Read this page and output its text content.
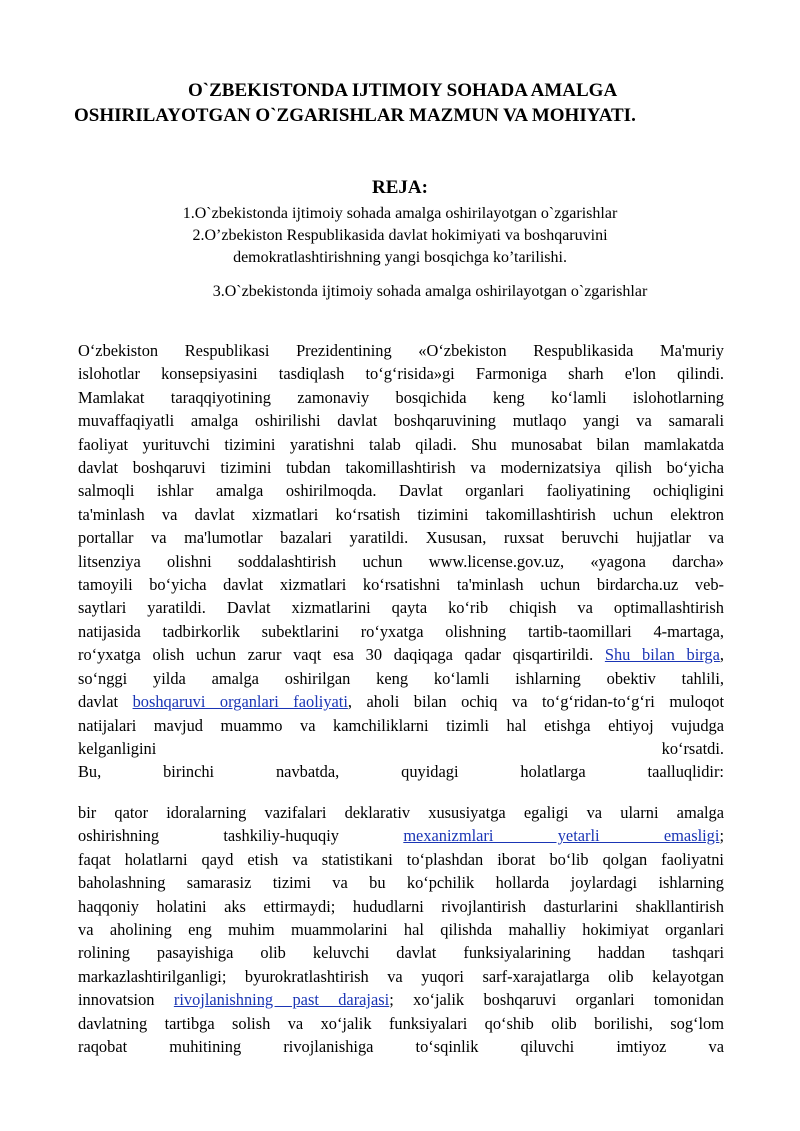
O`ZBEKISTONDA IJTIMOIY SOHADA AMALGA
OSHIRILAYOTGAN O`ZGARISHLAR MAZMUN VA MOHIYATI.
REJA:
1.O`zbekistonda ijtimoiy sohada amalga oshirilayotgan o`zgarishlar
2.O’zbekiston Respublikasida davlat hokimiyati va boshqaruvini
demokratlashtirishning yangi bosqichga ko’tarilishi.
3.O`zbekistonda ijtimoiy sohada amalga oshirilayotgan o`zgarishlar
O‘zbekiston Respublikasi Prezidentining «O‘zbekiston Respublikasida Ma'muriy
islohotlar konsepsiyasini tasdiqlash to‘g‘risida»gi Farmoniga sharh e'lon qilindi.
Mamlakat taraqqiyotining zamonaviy bosqichida keng ko‘lamli islohotlarning
muvaffaqiyatli amalga oshirilishi davlat boshqaruvining mutlaqo yangi va samarali
faoliyat yurituvchi tizimini yaratishni talab qiladi. Shu munosabat bilan mamlakatda
davlat boshqaruvi tizimini tubdan takomillashtirish va modernizatsiya qilish bo‘yicha
salmoqli ishlar amalga oshirilmoqda. Davlat organlari faoliyatining ochiqligini
ta'minlash va davlat xizmatlari ko‘rsatish tizimini takomillashtirish uchun elektron
portallar va ma'lumotlar bazalari yaratildi. Xususan, ruxsat beruvchi hujjatlar va
litsenziya olishni soddalashtirish uchun www.license.gov.uz, «yagona darcha»
tamoyili bo‘yicha davlat xizmatlari ko‘rsatishni ta'minlash uchun birdarcha.uz veb-
saytlari yaratildi. Davlat xizmatlarini qayta ko‘rib chiqish va optimallashtirish
natijasida tadbirkorlik subektlarini ro‘yxatga olishning tartib-taomillari 4-martaga,
ro‘yxatga olish uchun zarur vaqt esa 30 daqiqaga qadar qisqartirildi. Shu bilan birga,
so‘nggi yilda amalga oshirilgan keng ko‘lamli ishlarning obektiv tahlili,
davlat boshqaruvi organlari faoliyati, aholi bilan ochiq va to‘g‘ridan-to‘g‘ri muloqot
natijalari mavjud muammo va kamchiliklarni tizimli hal etishga ehtiyoj vujudga
kelganligini ko‘rsatdi.
Bu, birinchi navbatda, quyidagi holatlarga taalluqlidir:
bir qator idoralarning vazifalari deklarativ xususiyatga egaligi va ularni amalga
oshirishning tashkiliy-huquqiy mexanizmlari yetarli emasligi;
faqat holatlarni qayd etish va statistikani to‘plashdan iborat bo‘lib qolgan faoliyatni
baholashning samarasiz tizimi va bu ko‘pchilik hollarda joylardagi ishlarning
haqqoniy holatini aks ettirmaydi; hududlarni rivojlantirish dasturlarini shakllantirish
va aholining eng muhim muammolarini hal qilishda mahalliy hokimiyat organlari
rolining pasayishiga olib keluvchi davlat funksiyalarining haddan tashqari
markazlashtirilganligi; byurokratlashtirish va yuqori sarf-xarajatlarga olib kelayotgan
innovatsion rivojlanishning past darajasi; xo‘jalik boshqaruvi organlari tomonidan
davlatning tartibga solish va xo‘jalik funksiyalari qo‘shib olib borilishi, sog‘lom
raqobat muhitining rivojlanishiga to‘sqinlik qiluvchi imtiyoz va
